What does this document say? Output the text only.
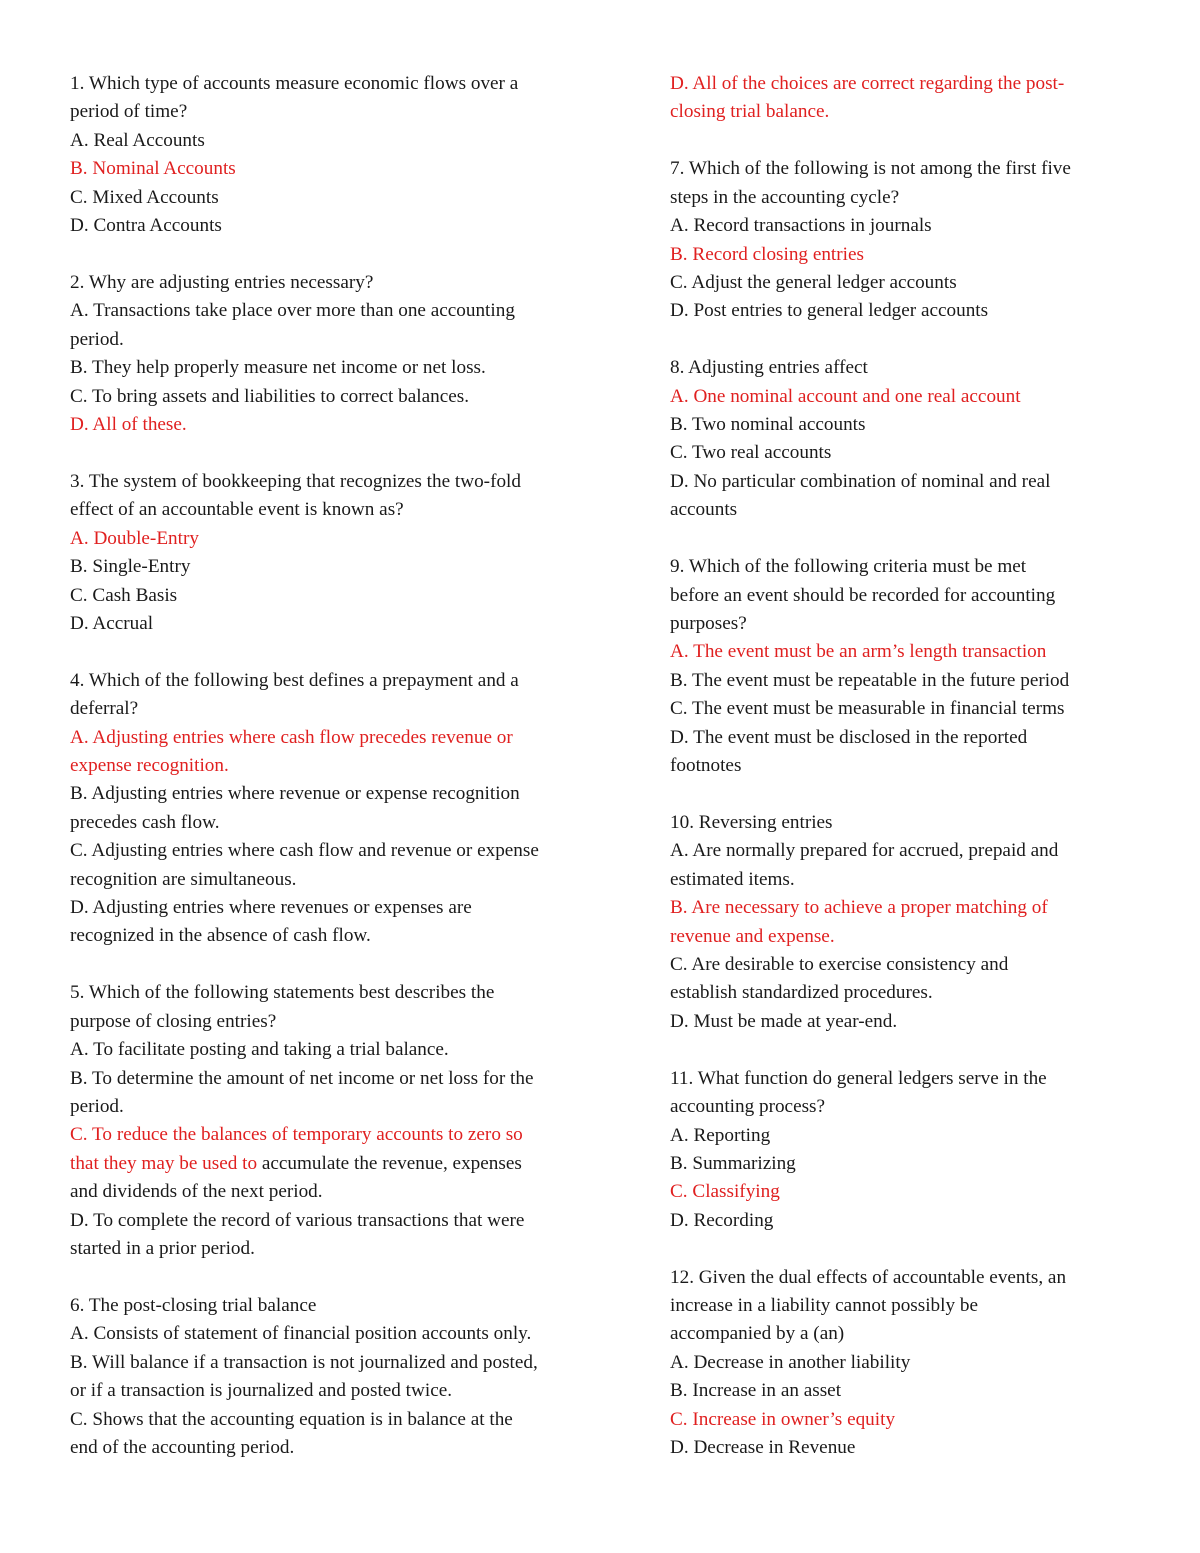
1. Which type of accounts measure economic flows over a
period of time?
A. Real Accounts
B. Nominal Accounts
C. Mixed Accounts
D. Contra Accounts
2. Why are adjusting entries necessary?
A. Transactions take place over more than one accounting
period.
B. They help properly measure net income or net loss.
C. To bring assets and liabilities to correct balances.
D. All of these.
3. The system of bookkeeping that recognizes the two-fold
effect of an accountable event is known as?
A. Double-Entry
B. Single-Entry
C. Cash Basis
D. Accrual
4. Which of the following best defines a prepayment and a
deferral?
A. Adjusting entries where cash flow precedes revenue or
expense recognition.
B. Adjusting entries where revenue or expense recognition
precedes cash flow.
C. Adjusting entries where cash flow and revenue or expense
recognition are simultaneous.
D. Adjusting entries where revenues or expenses are
recognized in the absence of cash flow.
5. Which of the following statements best describes the
purpose of closing entries?
A. To facilitate posting and taking a trial balance.
B. To determine the amount of net income or net loss for the
period.
C. To reduce the balances of temporary accounts to zero so
that they may be used to accumulate the revenue, expenses
and dividends of the next period.
D. To complete the record of various transactions that were
started in a prior period.
6. The post-closing trial balance
A. Consists of statement of financial position accounts only.
B. Will balance if a transaction is not journalized and posted,
or if a transaction is journalized and posted twice.
C. Shows that the accounting equation is in balance at the
end of the accounting period.
D. All of the choices are correct regarding the post-
closing trial balance.
7. Which of the following is not among the first five
steps in the accounting cycle?
A. Record transactions in journals
B. Record closing entries
C. Adjust the general ledger accounts
D. Post entries to general ledger accounts
8. Adjusting entries affect
A. One nominal account and one real account
B. Two nominal accounts
C. Two real accounts
D. No particular combination of nominal and real
accounts
9. Which of the following criteria must be met
before an event should be recorded for accounting
purposes?
A. The event must be an arm’s length transaction
B. The event must be repeatable in the future period
C. The event must be measurable in financial terms
D. The event must be disclosed in the reported
footnotes
10. Reversing entries
A. Are normally prepared for accrued, prepaid and
estimated items.
B. Are necessary to achieve a proper matching of
revenue and expense.
C. Are desirable to exercise consistency and
establish standardized procedures.
D. Must be made at year-end.
11. What function do general ledgers serve in the
accounting process?
A. Reporting
B. Summarizing
C. Classifying
D. Recording
12. Given the dual effects of accountable events, an
increase in a liability cannot possibly be
accompanied by a (an)
A. Decrease in another liability
B. Increase in an asset
C. Increase in owner’s equity
D. Decrease in Revenue
